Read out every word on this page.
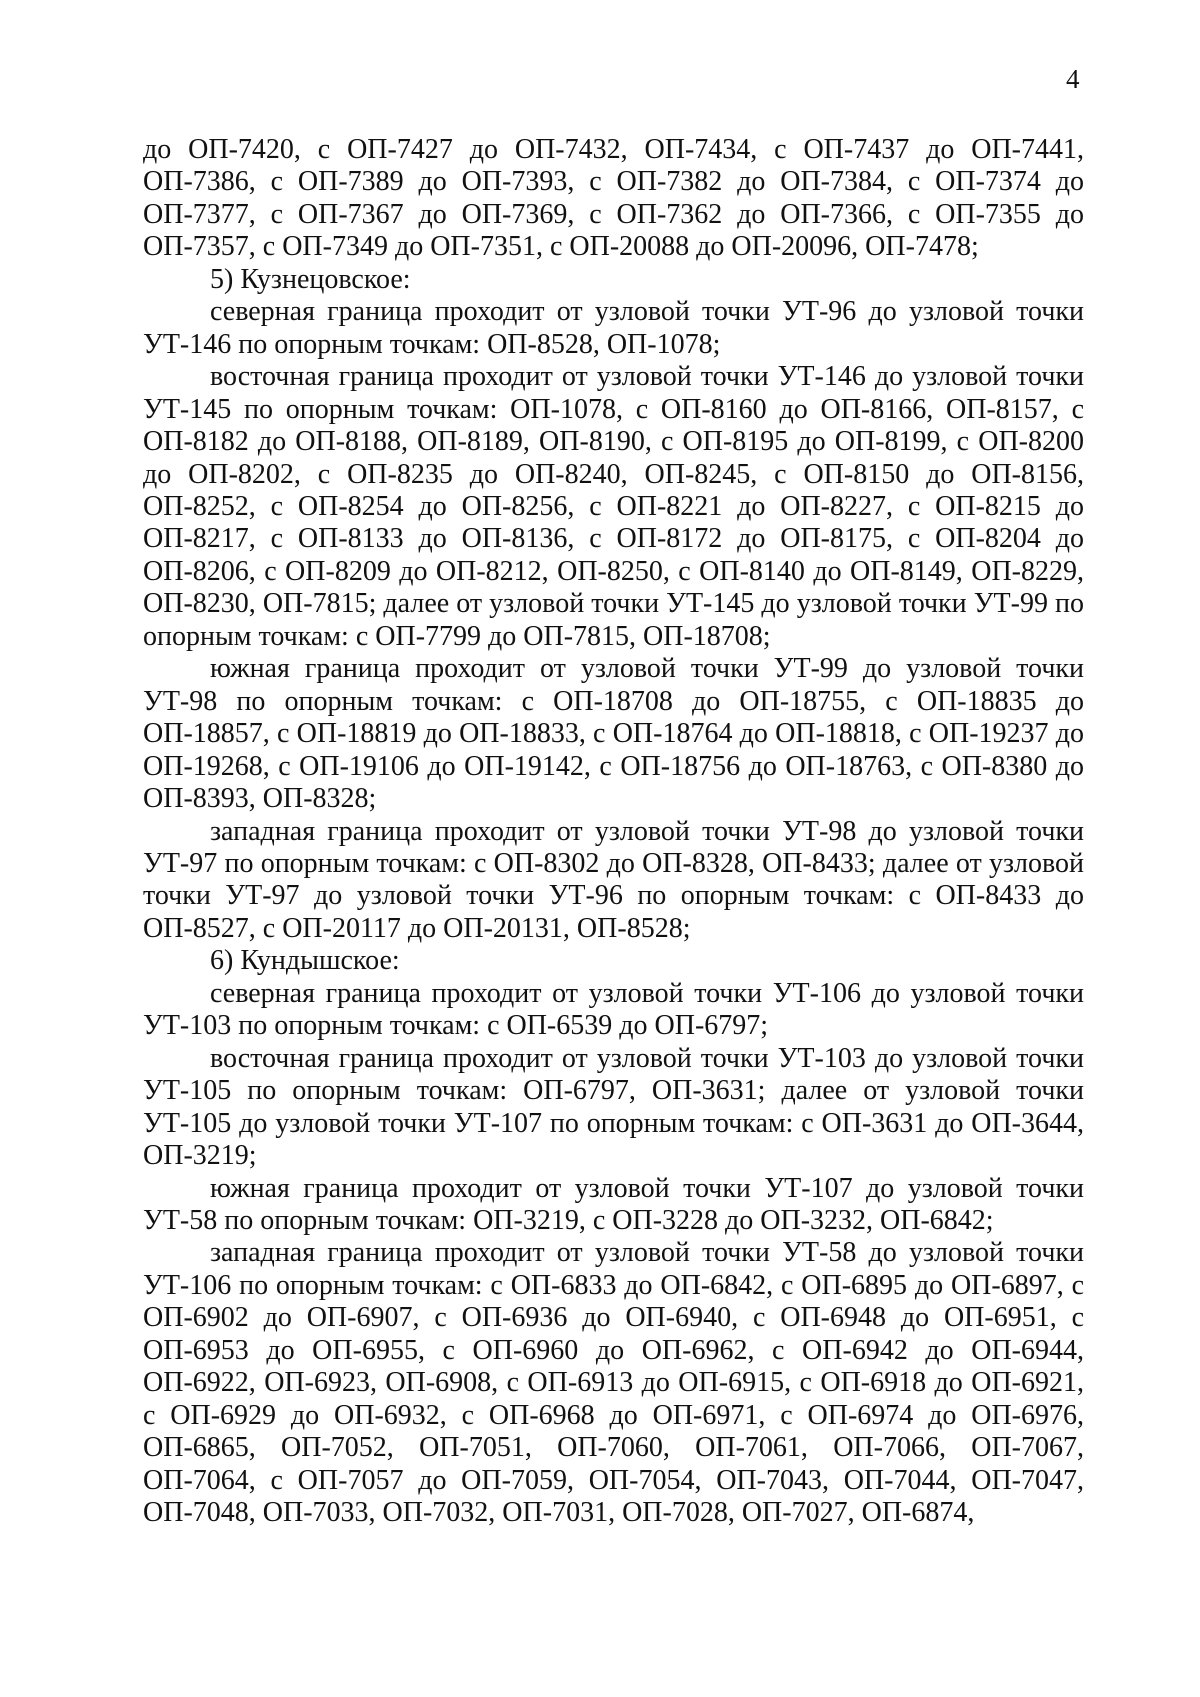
4

до ОП-7420, с ОП-7427 до ОП-7432, ОП-7434, с ОП-7437 до ОП-7441, ОП-7386, с ОП-7389 до ОП-7393, с ОП-7382 до ОП-7384, с ОП-7374 до ОП-7377, с ОП-7367 до ОП-7369, с ОП-7362 до ОП-7366, с ОП-7355 до ОП-7357, с ОП-7349 до ОП-7351, с ОП-20088 до ОП-20096, ОП-7478;

5) Кузнецовское:

северная граница проходит от узловой точки УТ-96 до узловой точки УТ-146 по опорным точкам: ОП-8528, ОП-1078;

восточная граница проходит от узловой точки УТ-146 до узловой точки УТ-145 по опорным точкам: ОП-1078, с ОП-8160 до ОП-8166, ОП-8157, с ОП-8182 до ОП-8188, ОП-8189, ОП-8190, с ОП-8195 до ОП-8199, с ОП-8200 до ОП-8202, с ОП-8235 до ОП-8240, ОП-8245, с ОП-8150 до ОП-8156, ОП-8252, с ОП-8254 до ОП-8256, с ОП-8221 до ОП-8227, с ОП-8215 до ОП-8217, с ОП-8133 до ОП-8136, с ОП-8172 до ОП-8175, с ОП-8204 до ОП-8206, с ОП-8209 до ОП-8212, ОП-8250, с ОП-8140 до ОП-8149, ОП-8229, ОП-8230, ОП-7815; далее от узловой точки УТ-145 до узловой точки УТ-99 по опорным точкам: с ОП-7799 до ОП-7815, ОП-18708;

южная граница проходит от узловой точки УТ-99 до узловой точки УТ-98 по опорным точкам: с ОП-18708 до ОП-18755, с ОП-18835 до ОП-18857, с ОП-18819 до ОП-18833, с ОП-18764 до ОП-18818, с ОП-19237 до ОП-19268, с ОП-19106 до ОП-19142, с ОП-18756 до ОП-18763, с ОП-8380 до ОП-8393, ОП-8328;

западная граница проходит от узловой точки УТ-98 до узловой точки УТ-97 по опорным точкам: с ОП-8302 до ОП-8328, ОП-8433; далее от узловой точки УТ-97 до узловой точки УТ-96 по опорным точкам: с ОП-8433 до ОП-8527, с ОП-20117 до ОП-20131, ОП-8528;

6) Кундышское:

северная граница проходит от узловой точки УТ-106 до узловой точки УТ-103 по опорным точкам: с ОП-6539 до ОП-6797;

восточная граница проходит от узловой точки УТ-103 до узловой точки УТ-105 по опорным точкам: ОП-6797, ОП-3631; далее от узловой точки УТ-105 до узловой точки УТ-107 по опорным точкам: с ОП-3631 до ОП-3644, ОП-3219;

южная граница проходит от узловой точки УТ-107 до узловой точки УТ-58 по опорным точкам: ОП-3219, с ОП-3228 до ОП-3232, ОП-6842;

западная граница проходит от узловой точки УТ-58 до узловой точки УТ-106 по опорным точкам: с ОП-6833 до ОП-6842, с ОП-6895 до ОП-6897, с ОП-6902 до ОП-6907, с ОП-6936 до ОП-6940, с ОП-6948 до ОП-6951, с ОП-6953 до ОП-6955, с ОП-6960 до ОП-6962, с ОП-6942 до ОП-6944, ОП-6922, ОП-6923, ОП-6908, с ОП-6913 до ОП-6915, с ОП-6918 до ОП-6921, с ОП-6929 до ОП-6932, с ОП-6968 до ОП-6971, с ОП-6974 до ОП-6976, ОП-6865, ОП-7052, ОП-7051, ОП-7060, ОП-7061, ОП-7066, ОП-7067, ОП-7064, с ОП-7057 до ОП-7059, ОП-7054, ОП-7043, ОП-7044, ОП-7047, ОП-7048, ОП-7033, ОП-7032, ОП-7031, ОП-7028, ОП-7027, ОП-6874,
